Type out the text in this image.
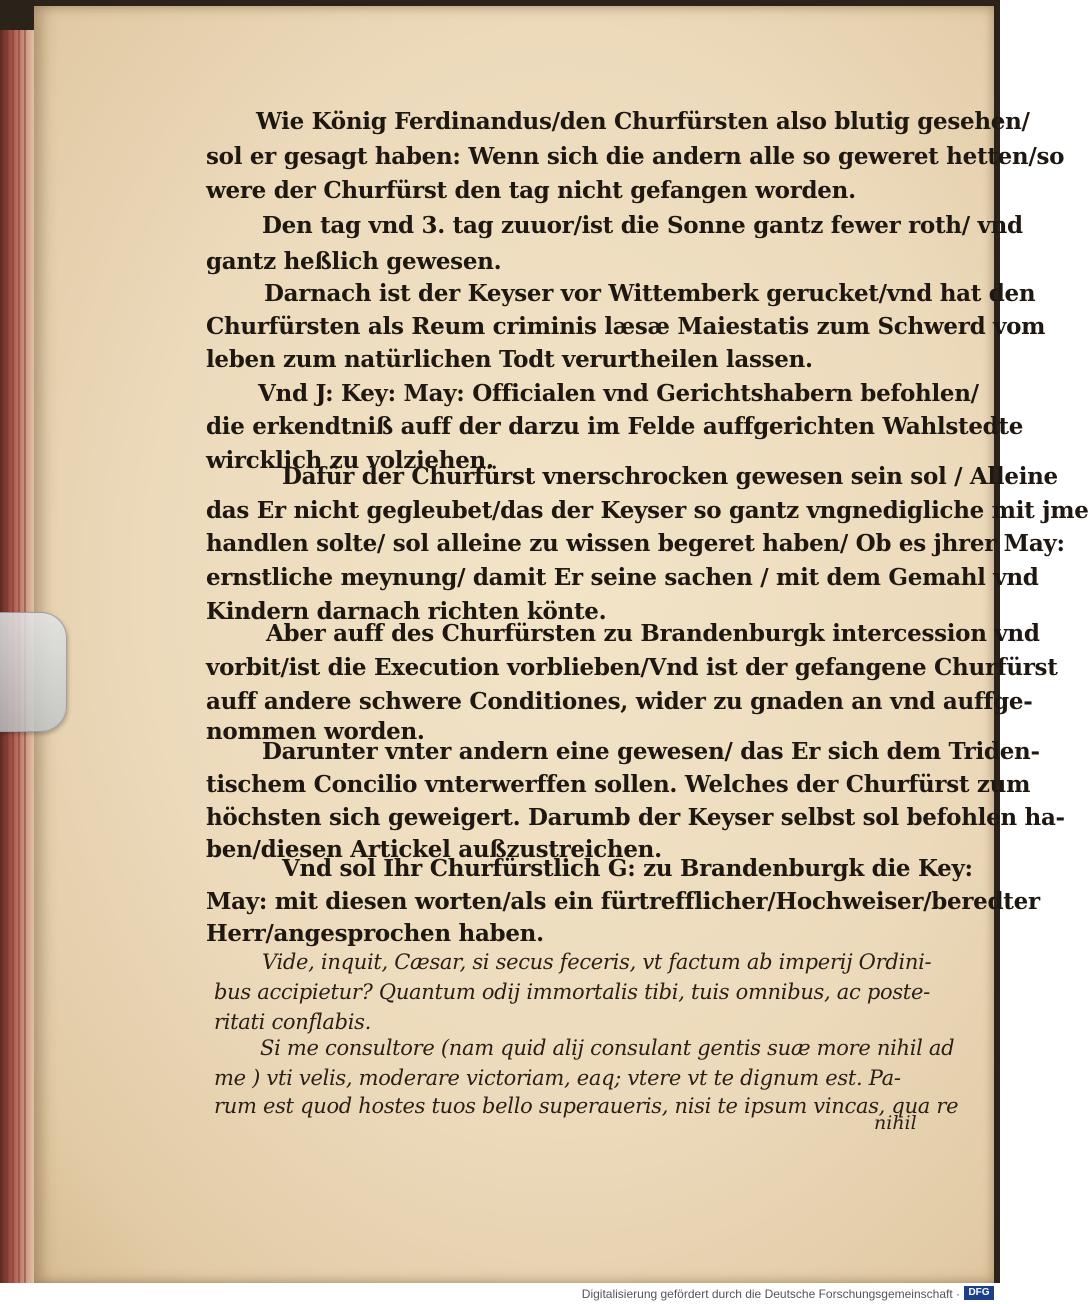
Wie König Ferdinandus/den Churfürsten also blutig gesehen/
sol er gesagt haben: Wenn sich die andern alle so geweret hetten/so
were der Churfürst den tag nicht gefangen worden.
Den tag vnd 3. tag zuuor/ist die Sonne gantz fewer roth/ vnd
gantz heßlich gewesen.
Darnach ist der Keyser vor Wittemberk gerucket/vnd hat den
Churfürsten als Reum criminis læsæ Maiestatis zum Schwerd vom
leben zum natürlichen Todt verurtheilen lassen.
Vnd J: Key: May: Officialen vnd Gerichtshabern befohlen/
die erkendtniß auff der darzu im Felde auffgerichten Wahlstedte
wircklich zu volziehen.
Dafür der Churfürst vnerschrocken gewesen sein sol / Alleine
das Er nicht gegleubet/das der Keyser so gantz vngnedigliche mit jme
handlen solte/ sol alleine zu wissen begeret haben/ Ob es jhrer May:
ernstliche meynung/ damit Er seine sachen / mit dem Gemahl vnd
Kindern darnach richten könte.
Aber auff des Churfürsten zu Brandenburgk intercession vnd
vorbit/ist die Execution vorblieben/Vnd ist der gefangene Churfürst
auff andere schwere Conditiones, wider zu gnaden an vnd auffge-
nommen worden.
Darunter vnter andern eine gewesen/ das Er sich dem Triden-
tischem Concilio vnterwerffen sollen. Welches der Churfürst zum
höchsten sich geweigert. Darumb der Keyser selbst sol befohlen ha-
ben/diesen Artickel außzustreichen.
Vnd sol Ihr Churfürstlich G: zu Brandenburgk die Key:
May: mit diesen worten/als ein fürtrefflicher/Hochweiser/beredter
Herr/angesprochen haben.
Vide, inquit, Cæsar, si secus feceris, vt factum ab imperij Ordini-
bus accipietur? Quantum odij immortalis tibi, tuis omnibus, ac poste-
ritati conflabis.
Si me consultore (nam quid alij consulant gentis suæ more nihil ad
me ) vti velis, moderare victoriam, eaq; vtere vt te dignum est. Pa-
rum est quod hostes tuos bello superaueris, nisi te ipsum vincas, qua re
nihil
Digitalisierung gefördert durch die Deutsche Forschungsgemeinschaft · DFG
